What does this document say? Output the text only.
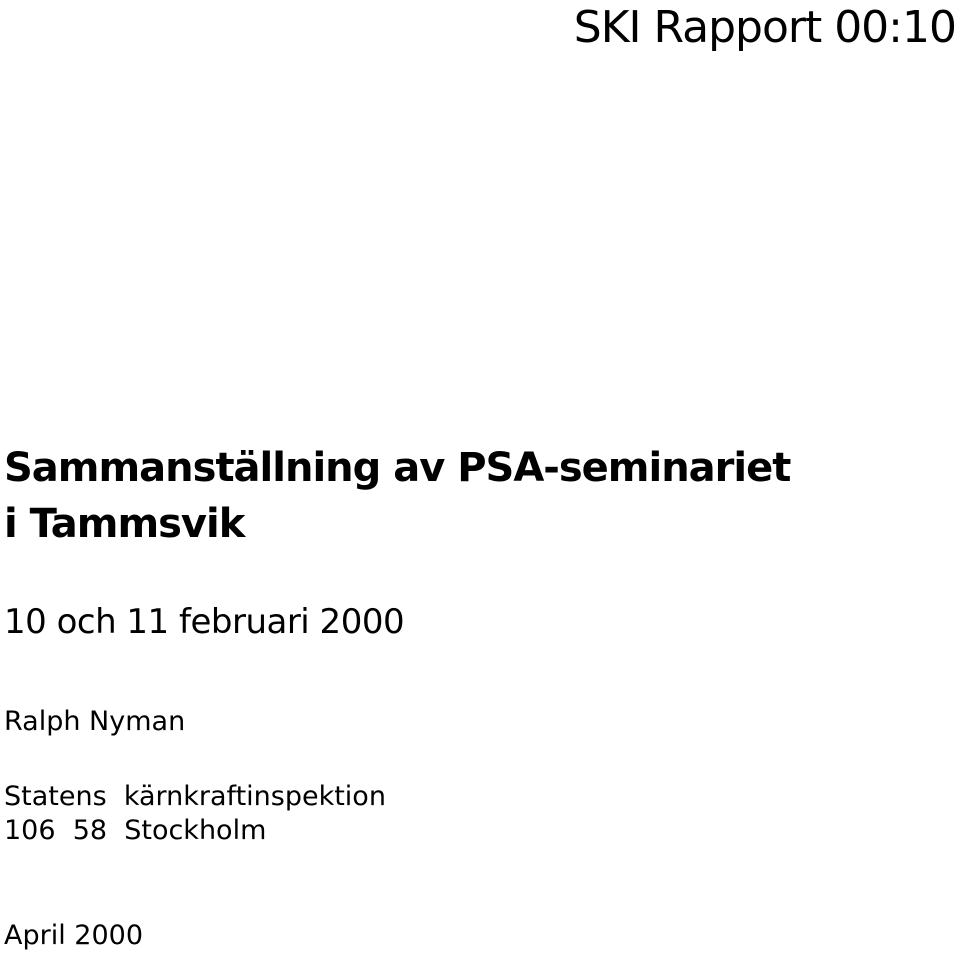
SKI Rapport 00:10
Sammanställning av PSA-seminariet
i Tammsvik
10 och 11 februari 2000
Ralph Nyman
Statens  kärnkraftinspektion
106  58  Stockholm
April 2000
